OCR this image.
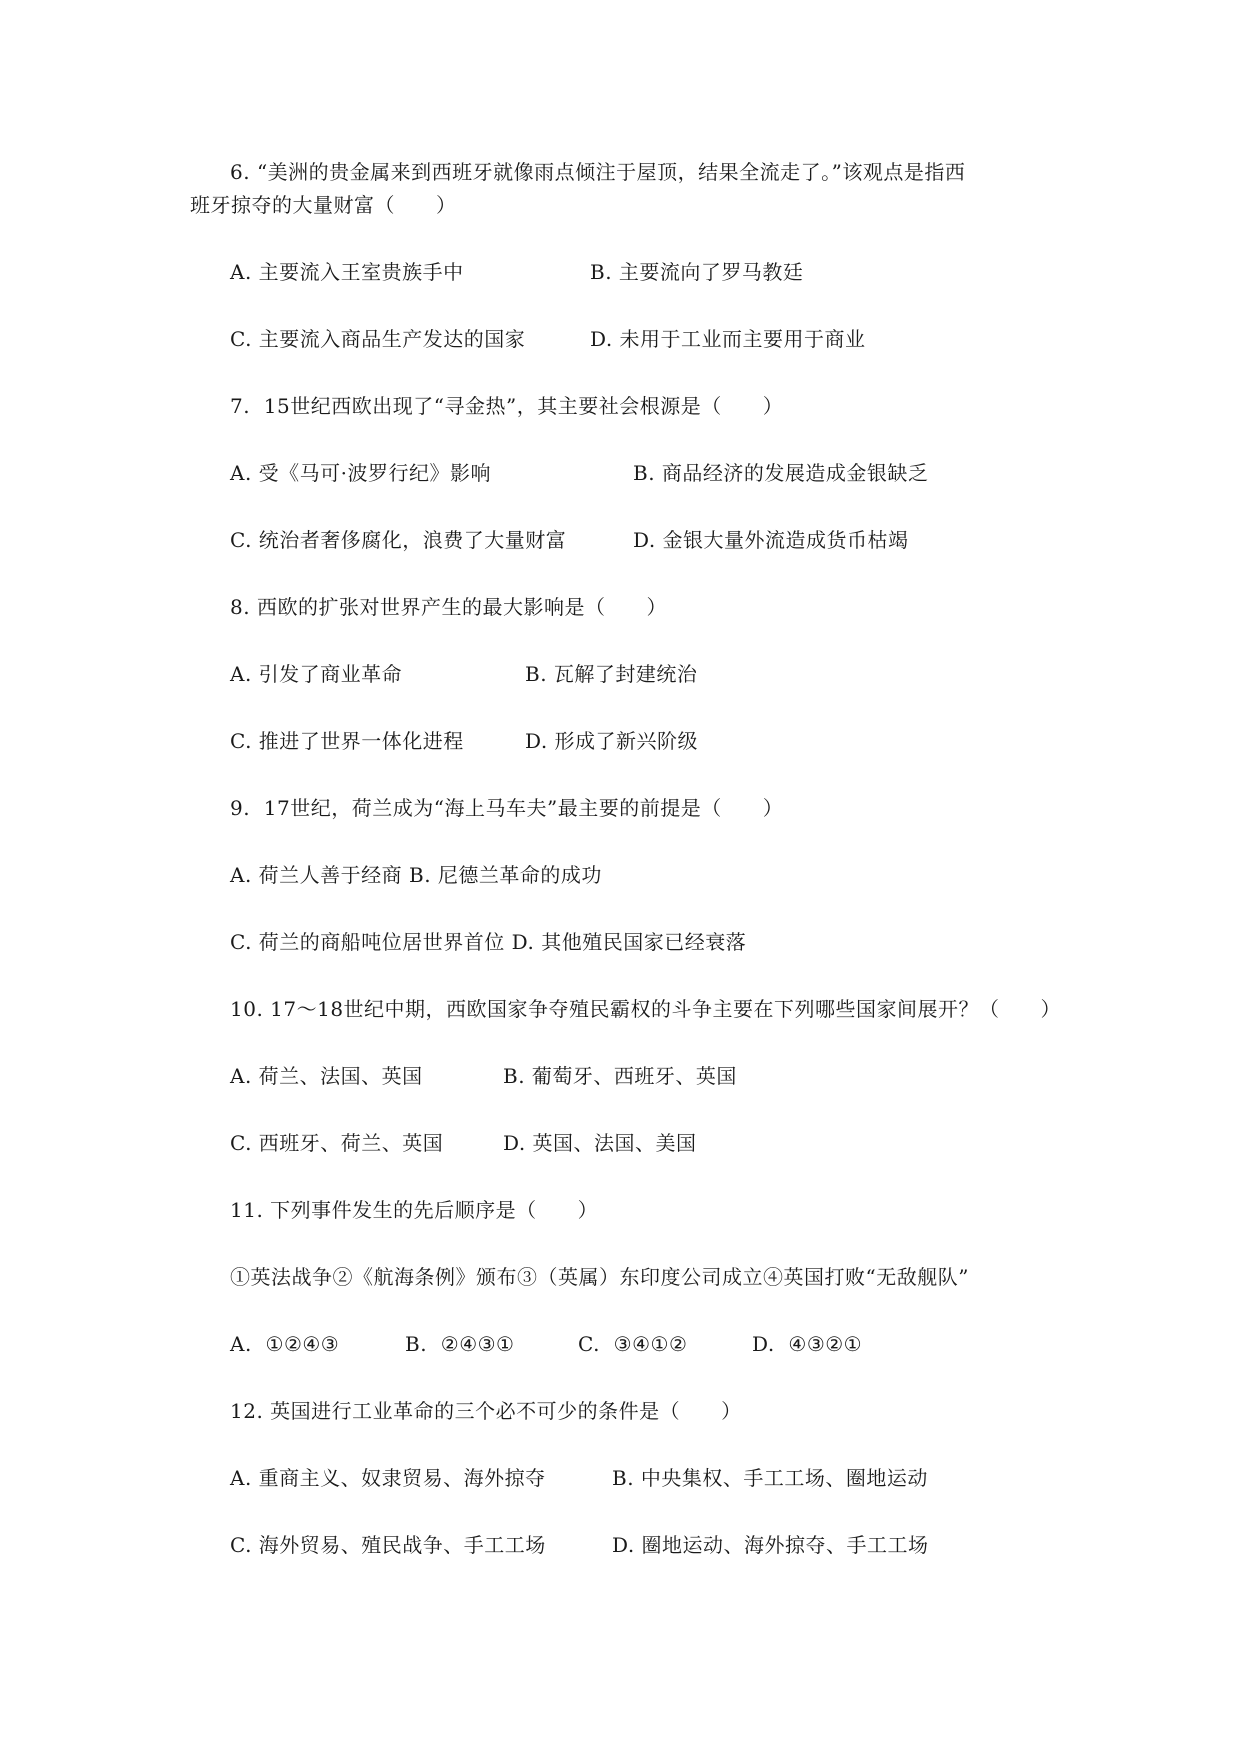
6. “美洲的贵金属来到西班牙就像雨点倾注于屋顶，结果全流走了。”该观点是指西
班牙掠夺的大量财富（　　）
A. 主要流入王室贵族手中	B. 主要流向了罗马教廷
C. 主要流入商品生产发达的国家	D. 未用于工业而主要用于商业
7.  15世纪西欧出现了“寻金热”，其主要社会根源是（　　）
A. 受《马可·波罗行纪》影响	B. 商品经济的发展造成金银缺乏
C. 统治者奢侈腐化，浪费了大量财富	D. 金银大量外流造成货币枯竭
8. 西欧的扩张对世界产生的最大影响是（　　）
A. 引发了商业革命	B. 瓦解了封建统治
C. 推进了世界一体化进程	D. 形成了新兴阶级
9.  17世纪，荷兰成为“海上马车夫”最主要的前提是（　　）
A. 荷兰人善于经商 B. 尼德兰革命的成功
C. 荷兰的商船吨位居世界首位 D. 其他殖民国家已经衰落
10. 17～18世纪中期，西欧国家争夺殖民霸权的斗争主要在下列哪些国家间展开？（　　）
A. 荷兰、法国、英国	B. 葡萄牙、西班牙、英国
C. 西班牙、荷兰、英国	D. 英国、法国、美国
11. 下列事件发生的先后顺序是（　　）
①英法战争②《航海条例》颁布③（英属）东印度公司成立④英国打败“无敌舰队”
A.  ①②④③	B.  ②④③①	C.  ③④①②	D.  ④③②①
12. 英国进行工业革命的三个必不可少的条件是（　　）
A. 重商主义、奴隶贸易、海外掠夺	B. 中央集权、手工工场、圈地运动
C. 海外贸易、殖民战争、手工工场	D. 圈地运动、海外掠夺、手工工场
